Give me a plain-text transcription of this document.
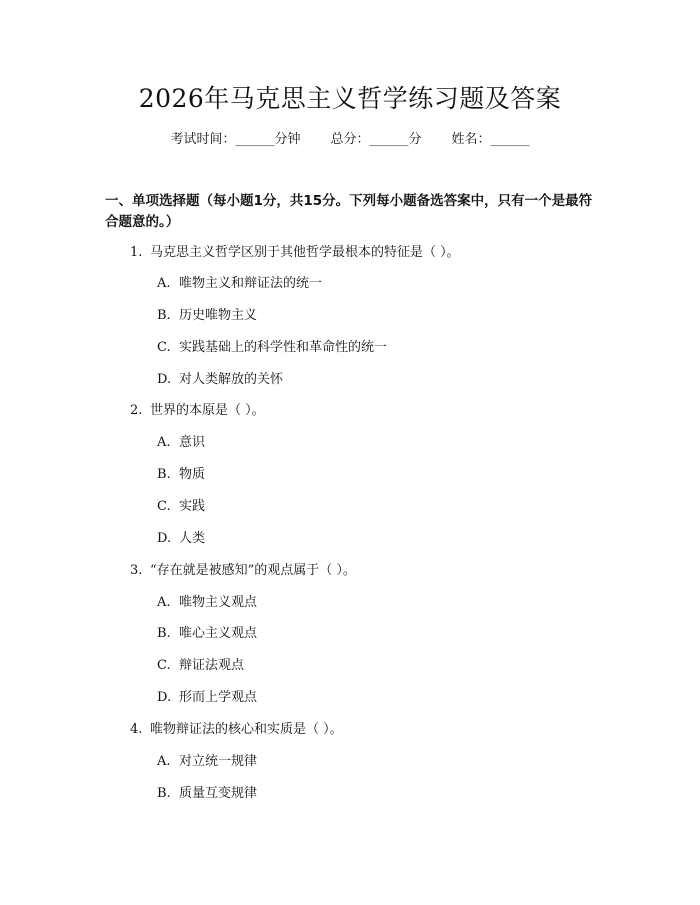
2026年马克思主义哲学练习题及答案
考试时间：______分钟 总分：______分 姓名：______
一、单项选择题（每小题1分，共15分。下列每小题备选答案中，只有一个是最符合题意的。）
1. 马克思主义哲学区别于其他哲学最根本的特征是（ ）。
A. 唯物主义和辩证法的统一
B. 历史唯物主义
C. 实践基础上的科学性和革命性的统一
D. 对人类解放的关怀
2. 世界的本原是（ ）。
A. 意识
B. 物质
C. 实践
D. 人类
3. “存在就是被感知”的观点属于（ ）。
A. 唯物主义观点
B. 唯心主义观点
C. 辩证法观点
D. 形而上学观点
4. 唯物辩证法的核心和实质是（ ）。
A. 对立统一规律
B. 质量互变规律
